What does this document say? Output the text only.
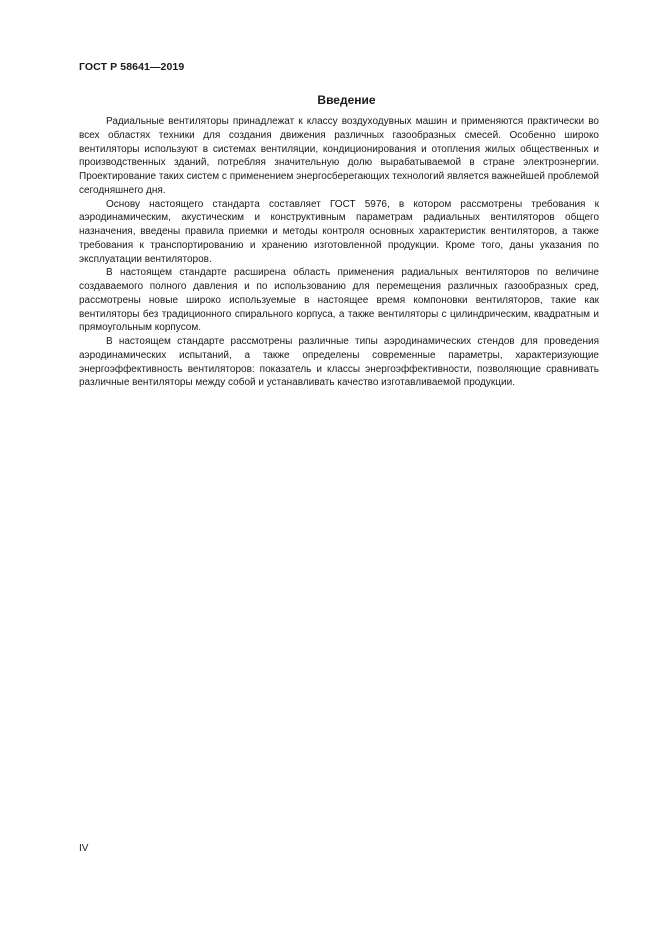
ГОСТ Р 58641—2019
Введение

Радиальные вентиляторы принадлежат к классу воздуходувных машин и применяются практически во всех областях техники для создания движения различных газообразных смесей. Особенно широко вентиляторы используют в системах вентиляции, кондиционирования и отопления жилых общественных и производственных зданий, потребляя значительную долю вырабатываемой в стране электроэнергии. Проектирование таких систем с применением энергосберегающих технологий является важнейшей проблемой сегодняшнего дня.

Основу настоящего стандарта составляет ГОСТ 5976, в котором рассмотрены требования к аэродинамическим, акустическим и конструктивным параметрам радиальных вентиляторов общего назначения, введены правила приемки и методы контроля основных характеристик вентиляторов, а также требования к транспортированию и хранению изготовленной продукции. Кроме того, даны указания по эксплуатации вентиляторов.

В настоящем стандарте расширена область применения радиальных вентиляторов по величине создаваемого полного давления и по использованию для перемещения различных газообразных сред, рассмотрены новые широко используемые в настоящее время компоновки вентиляторов, такие как вентиляторы без традиционного спирального корпуса, а также вентиляторы с цилиндрическим, квадратным и прямоугольным корпусом.

В настоящем стандарте рассмотрены различные типы аэродинамических стендов для проведения аэродинамических испытаний, а также определены современные параметры, характеризующие энергоэффективность вентиляторов: показатель и классы энергоэффективности, позволяющие сравнивать различные вентиляторы между собой и устанавливать качество изготавливаемой продукции.

IV
